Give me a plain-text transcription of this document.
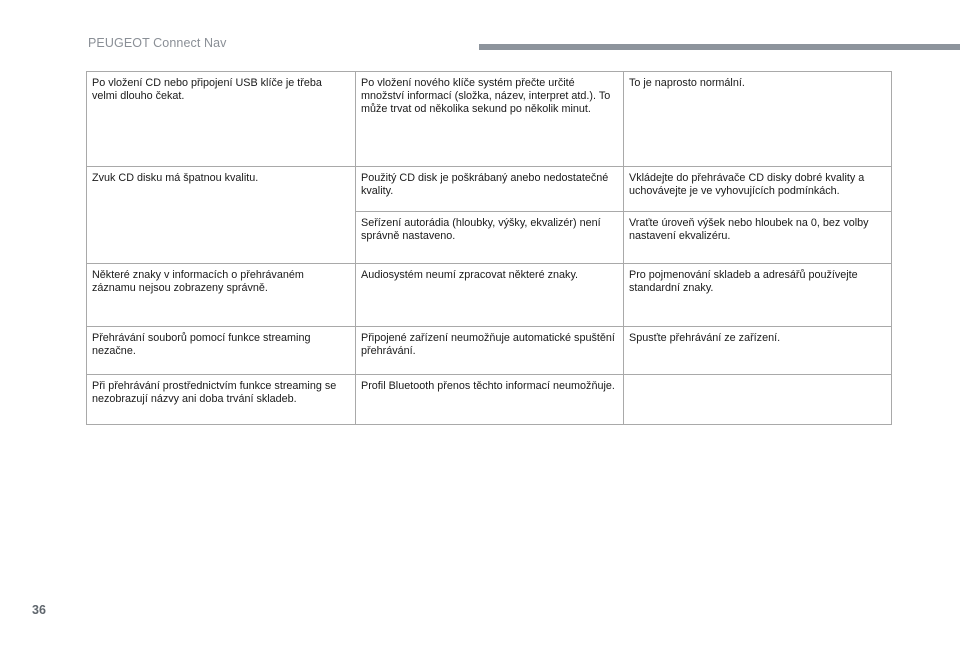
PEUGEOT Connect Nav
Po vložení CD nebo připojení USB klíče je třeba velmi dlouho čekat.	Po vložení nového klíče systém přečte určité množství informací (složka, název, interpret atd.). To může trvat od několika sekund po několik minut.	To je naprosto normální.
Zvuk CD disku má špatnou kvalitu.	Použitý CD disk je poškrábaný anebo nedostatečné kvality.	Vkládejte do přehrávače CD disky dobré kvality a uchovávejte je ve vyhovujících podmínkách.
	Seřízení autorádia (hloubky, výšky, ekvalizér) není správně nastaveno.	Vraťte úroveň výšek nebo hloubek na 0, bez volby nastavení ekvalizéru.
Některé znaky v informacích o přehrávaném záznamu nejsou zobrazeny správně.	Audiosystém neumí zpracovat některé znaky.	Pro pojmenování skladeb a adresářů používejte standardní znaky.
Přehrávání souborů pomocí funkce streaming nezačne.	Připojené zařízení neumožňuje automatické spuštění přehrávání.	Spusťte přehrávání ze zařízení.
Při přehrávání prostřednictvím funkce streaming se nezobrazují názvy ani doba trvání skladeb.	Profil Bluetooth přenos těchto informací neumožňuje.	
36
